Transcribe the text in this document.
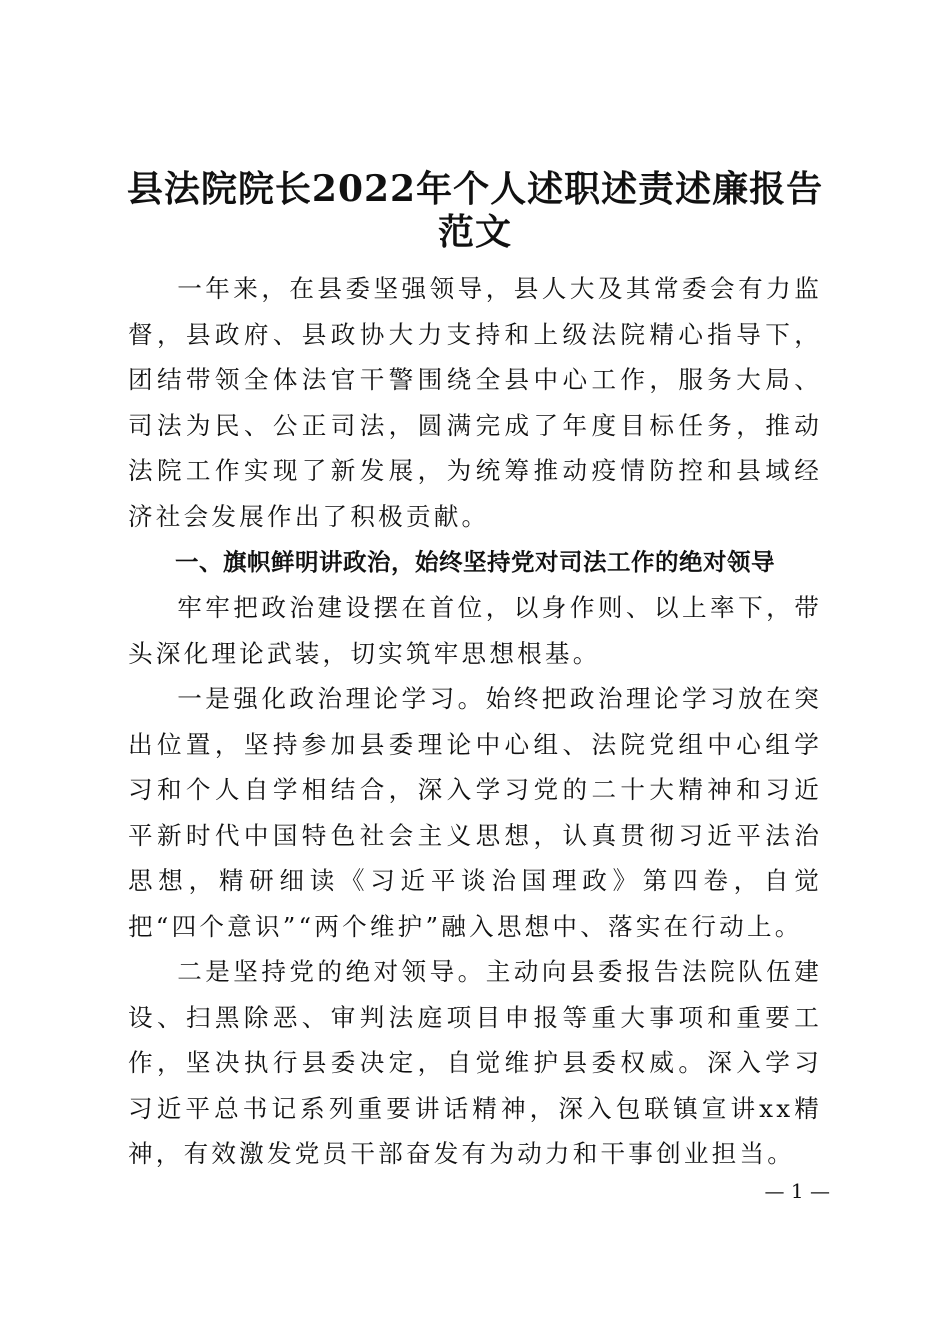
县法院院长2022年个人述职述责述廉报告范文

一年来，在县委坚强领导，县人大及其常委会有力监督，县政府、县政协大力支持和上级法院精心指导下，团结带领全体法官干警围绕全县中心工作，服务大局、司法为民、公正司法，圆满完成了年度目标任务，推动法院工作实现了新发展，为统筹推动疫情防控和县域经济社会发展作出了积极贡献。

一、旗帜鲜明讲政治，始终坚持党对司法工作的绝对领导

牢牢把政治建设摆在首位，以身作则、以上率下，带头深化理论武装，切实筑牢思想根基。

一是强化政治理论学习。始终把政治理论学习放在突出位置，坚持参加县委理论中心组、法院党组中心组学习和个人自学相结合，深入学习党的二十大精神和习近平新时代中国特色社会主义思想，认真贯彻习近平法治思想，精研细读《习近平谈治国理政》第四卷，自觉把“四个意识”“两个维护”融入思想中、落实在行动上。

二是坚持党的绝对领导。主动向县委报告法院队伍建设、扫黑除恶、审判法庭项目申报等重大事项和重要工作，坚决执行县委决定，自觉维护县委权威。深入学习习近平总书记系列重要讲话精神，深入包联镇宣讲xx精神，有效激发党员干部奋发有为动力和干事创业担当。

— 1 —
